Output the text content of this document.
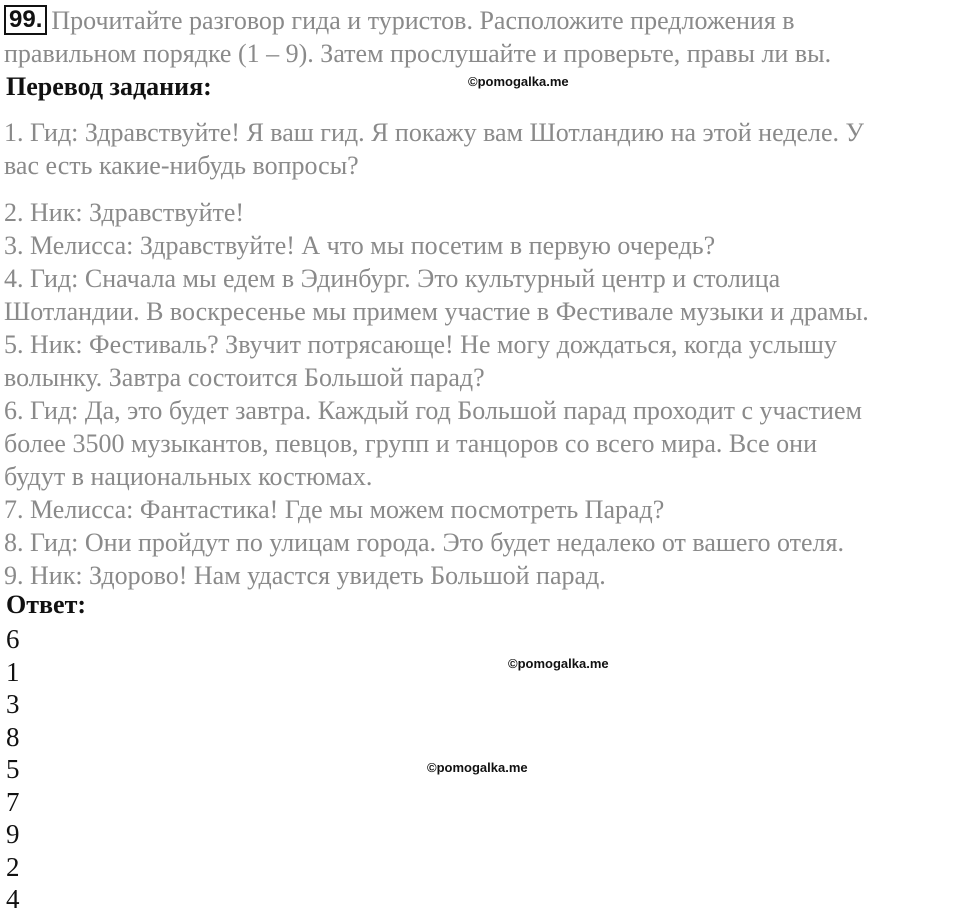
99. Прочитайте разговор гида и туристов. Расположите предложения в
правильном порядке (1 – 9). Затем прослушайте и проверьте, правы ли вы.
Перевод задания:	©pomogalka.me
1. Гид: Здравствуйте! Я ваш гид. Я покажу вам Шотландию на этой неделе. У
вас есть какие-нибудь вопросы?
2. Ник: Здравствуйте!
3. Мелисса: Здравствуйте! А что мы посетим в первую очередь?
4. Гид: Сначала мы едем в Эдинбург. Это культурный центр и столица
Шотландии. В воскресенье мы примем участие в Фестивале музыки и драмы.
5. Ник: Фестиваль? Звучит потрясающе! Не могу дождаться, когда услышу
волынку. Завтра состоится Большой парад?
6. Гид: Да, это будет завтра. Каждый год Большой парад проходит с участием
более 3500 музыкантов, певцов, групп и танцоров со всего мира. Все они
будут в национальных костюмах.
7. Мелисса: Фантастика! Где мы можем посмотреть Парад?
8. Гид: Они пройдут по улицам города. Это будет недалеко от вашего отеля.
9. Ник: Здорово! Нам удастся увидеть Большой парад.
Ответ:
6
1
3
8
5
7
9
2
4
©pomogalka.me
©pomogalka.me
